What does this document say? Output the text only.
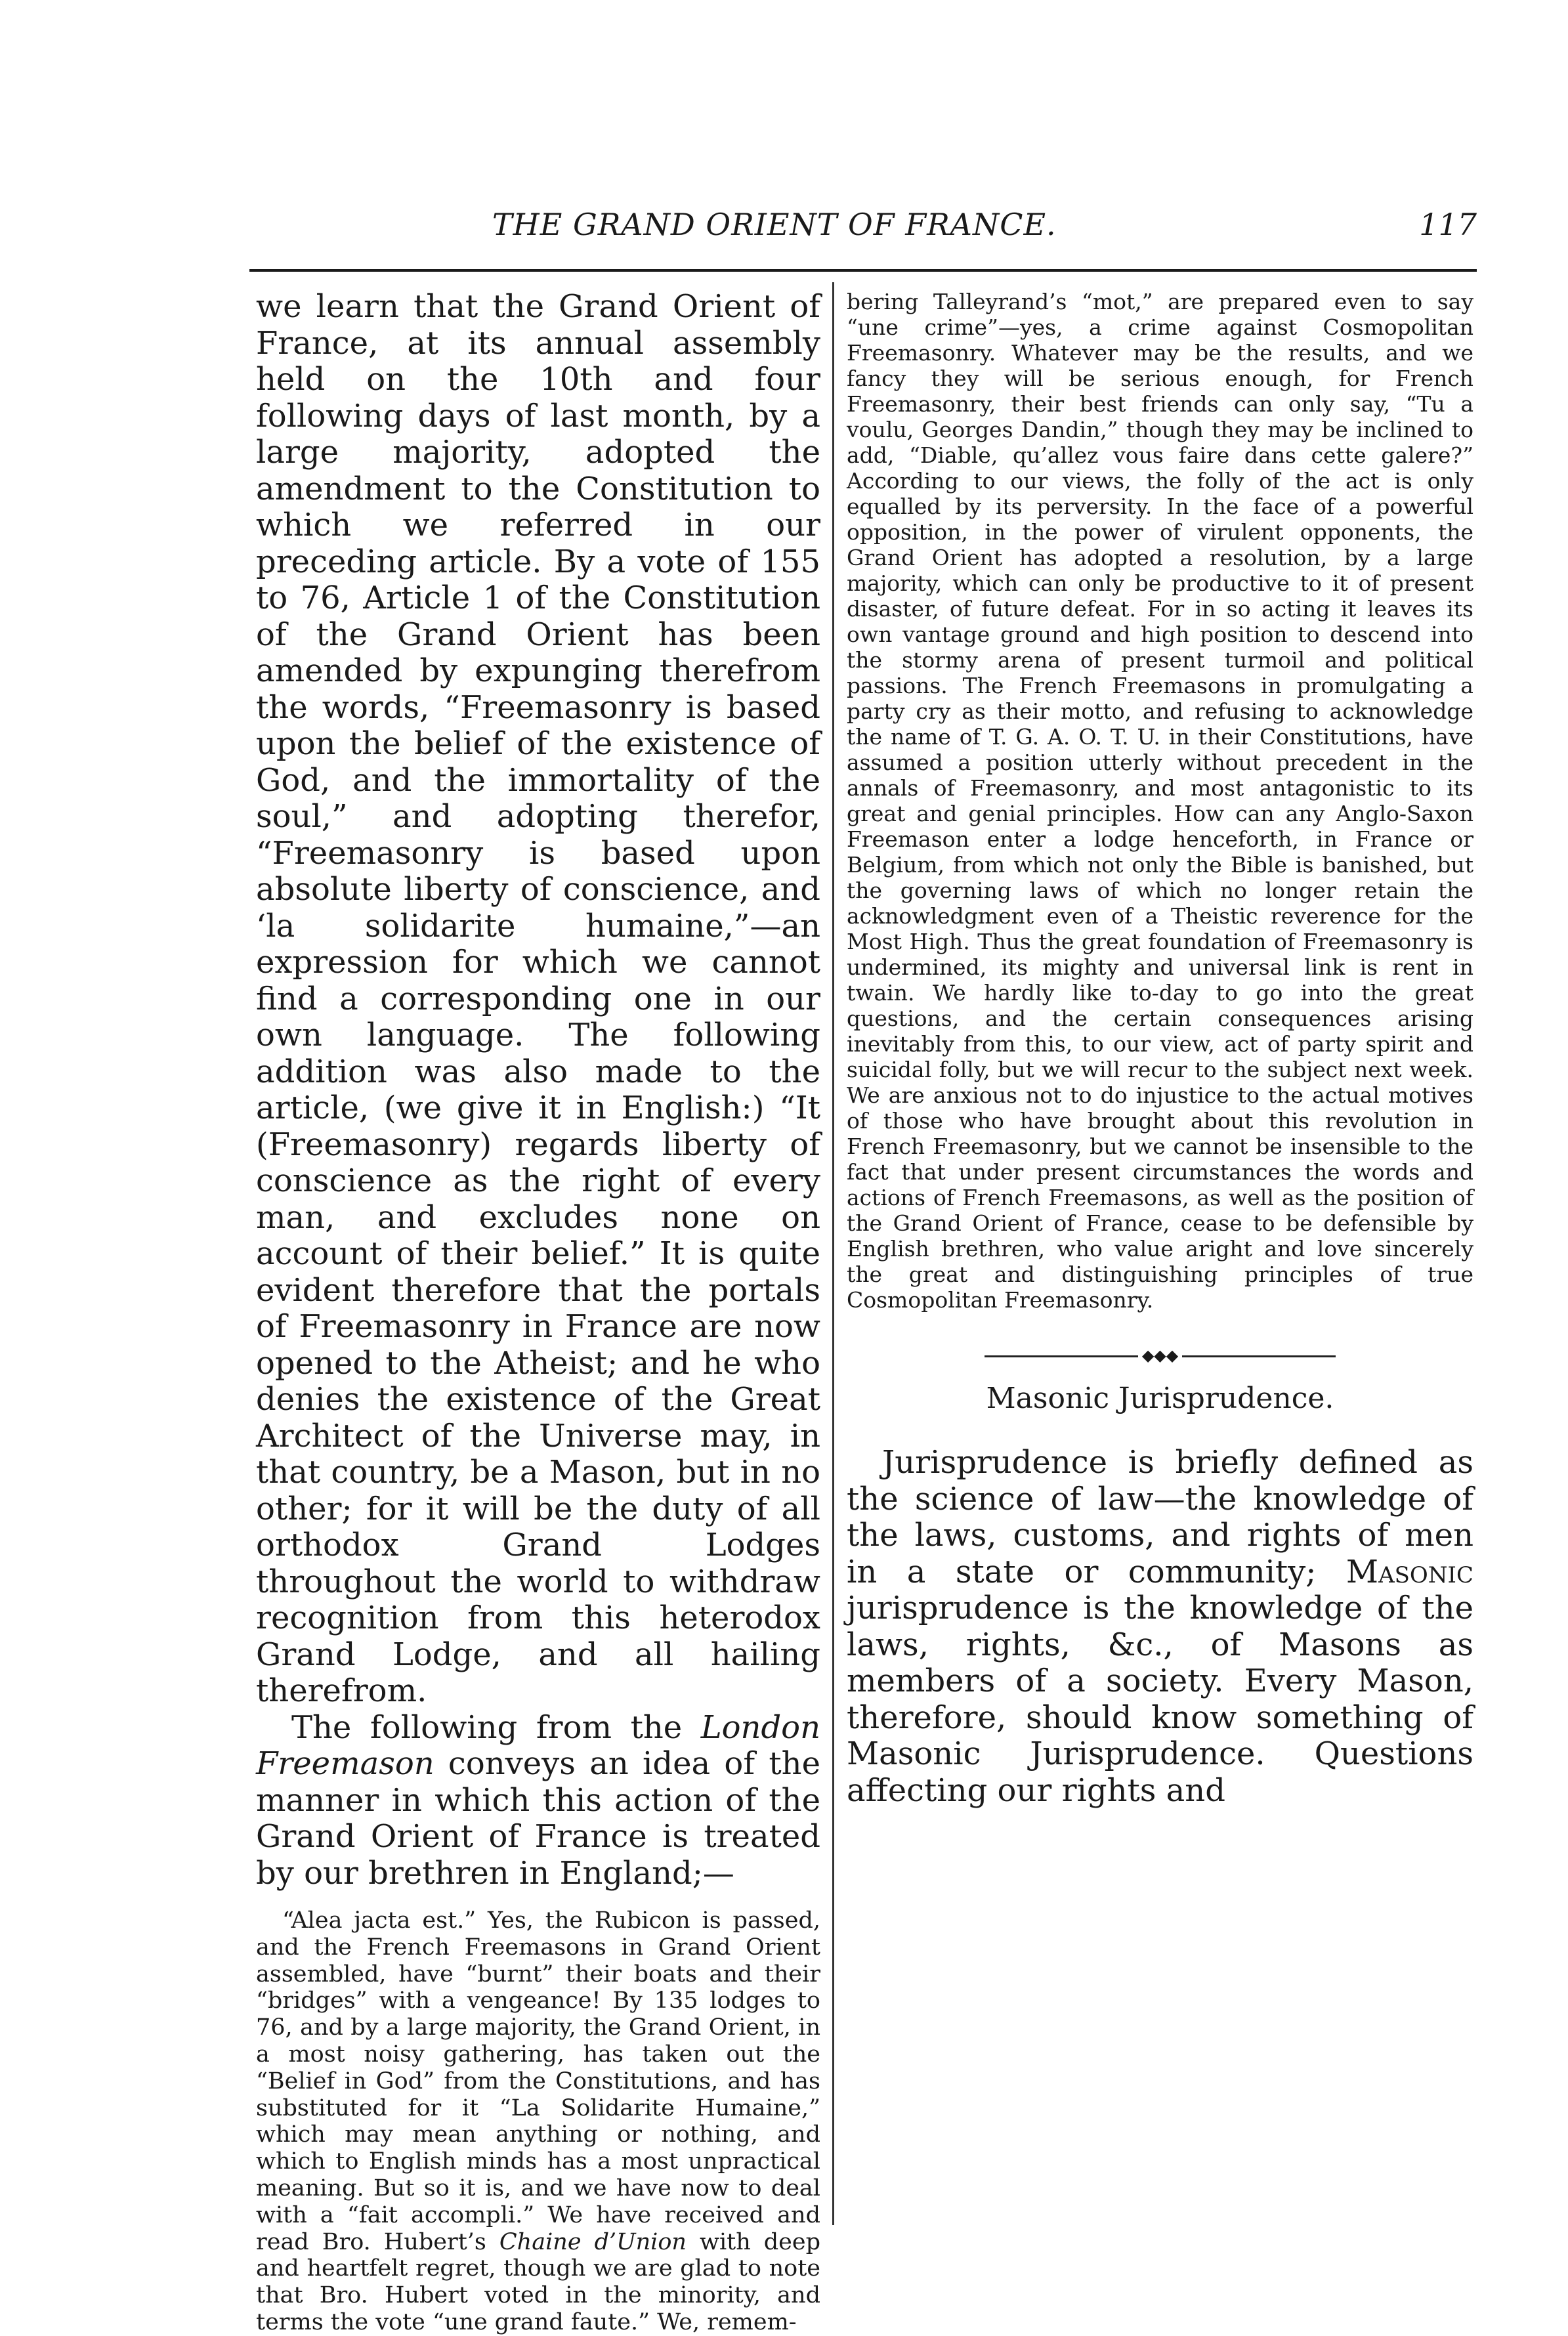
THE GRAND ORIENT OF FRANCE.	117

we learn that the Grand Orient of France, at its annual assembly held on the 10th and four following days of last month, by a large majority, adopted the amendment to the Constitution to which we referred in our preceding article. By a vote of 155 to 76, Article 1 of the Constitution of the Grand Orient has been amended by expunging therefrom the words, “Freemasonry is based upon the belief of the existence of God, and the immortality of the soul,” and adopting therefor, “Freemasonry is based upon absolute liberty of conscience, and ‘la solidarite humaine,”—an expression for which we cannot find a corresponding one in our own language. The following addition was also made to the article, (we give it in English:) “It (Freemasonry) regards liberty of conscience as the right of every man, and excludes none on account of their belief.” It is quite evident therefore that the portals of Freemasonry in France are now opened to the Atheist; and he who denies the existence of the Great Architect of the Universe may, in that country, be a Mason, but in no other; for it will be the duty of all orthodox Grand Lodges throughout the world to withdraw recognition from this heterodox Grand Lodge, and all hailing therefrom.

The following from the London Freemason conveys an idea of the manner in which this action of the Grand Orient of France is treated by our brethren in England;—

“Alea jacta est.” Yes, the Rubicon is passed, and the French Freemasons in Grand Orient assembled, have “burnt” their boats and their “bridges” with a vengeance! By 135 lodges to 76, and by a large majority, the Grand Orient, in a most noisy gathering, has taken out the “Belief in God” from the Constitutions, and has substituted for it “La Solidarite Humaine,” which may mean anything or nothing, and which to English minds has a most unpractical meaning. But so it is, and we have now to deal with a “fait accompli.” We have received and read Bro. Hubert’s Chaine d’Union with deep and heartfelt regret, though we are glad to note that Bro. Hubert voted in the minority, and terms the vote “une grand faute.” We, remem-

bering Talleyrand’s “mot,” are prepared even to say “une crime”—yes, a crime against Cosmopolitan Freemasonry. Whatever may be the results, and we fancy they will be serious enough, for French Freemasonry, their best friends can only say, “Tu a voulu, Georges Dandin,” though they may be inclined to add, “Diable, qu’allez vous faire dans cette galere?” According to our views, the folly of the act is only equalled by its perversity. In the face of a powerful opposition, in the power of virulent opponents, the Grand Orient has adopted a resolution, by a large majority, which can only be productive to it of present disaster, of future defeat. For in so acting it leaves its own vantage ground and high position to descend into the stormy arena of present turmoil and political passions. The French Freemasons in promulgating a party cry as their motto, and refusing to acknowledge the name of T. G. A. O. T. U. in their Constitutions, have assumed a position utterly without precedent in the annals of Freemasonry, and most antagonistic to its great and genial principles. How can any Anglo-Saxon Freemason enter a lodge henceforth, in France or Belgium, from which not only the Bible is banished, but the governing laws of which no longer retain the acknowledgment even of a Theistic reverence for the Most High. Thus the great foundation of Freemasonry is undermined, its mighty and universal link is rent in twain. We hardly like to-day to go into the great questions, and the certain consequences arising inevitably from this, to our view, act of party spirit and suicidal folly, but we will recur to the subject next week. We are anxious not to do injustice to the actual motives of those who have brought about this revolution in French Freemasonry, but we cannot be insensible to the fact that under present circumstances the words and actions of French Freemasons, as well as the position of the Grand Orient of France, cease to be defensible by English brethren, who value aright and love sincerely the great and distinguishing principles of true Cosmopolitan Freemasonry.

◆◆◆
Masonic Jurisprudence.

Jurisprudence is briefly defined as the science of law—the knowledge of the laws, customs, and rights of men in a state or community; Masonic jurisprudence is the knowledge of the laws, rights, &c., of Masons as members of a society. Every Mason, therefore, should know something of Masonic Jurisprudence. Questions affecting our rights and
